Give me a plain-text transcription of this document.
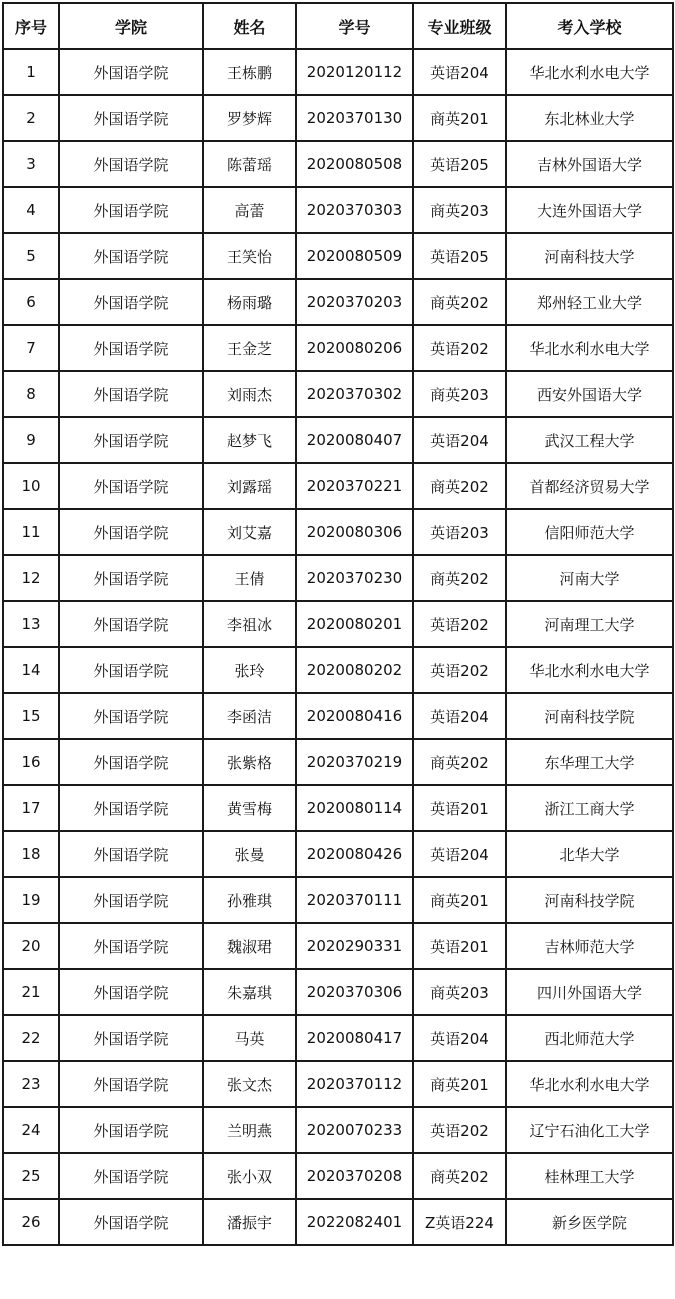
序号	学院	姓名	学号	专业班级	考入学校
1	外国语学院	王栋鹏	2020120112	英语204	华北水利水电大学
2	外国语学院	罗梦辉	2020370130	商英201	东北林业大学
3	外国语学院	陈蕾瑶	2020080508	英语205	吉林外国语大学
4	外国语学院	高蕾	2020370303	商英203	大连外国语大学
5	外国语学院	王笑怡	2020080509	英语205	河南科技大学
6	外国语学院	杨雨璐	2020370203	商英202	郑州轻工业大学
7	外国语学院	王金芝	2020080206	英语202	华北水利水电大学
8	外国语学院	刘雨杰	2020370302	商英203	西安外国语大学
9	外国语学院	赵梦飞	2020080407	英语204	武汉工程大学
10	外国语学院	刘露瑶	2020370221	商英202	首都经济贸易大学
11	外国语学院	刘艾嘉	2020080306	英语203	信阳师范大学
12	外国语学院	王倩	2020370230	商英202	河南大学
13	外国语学院	李祖冰	2020080201	英语202	河南理工大学
14	外国语学院	张玲	2020080202	英语202	华北水利水电大学
15	外国语学院	李函洁	2020080416	英语204	河南科技学院
16	外国语学院	张紫格	2020370219	商英202	东华理工大学
17	外国语学院	黄雪梅	2020080114	英语201	浙江工商大学
18	外国语学院	张曼	2020080426	英语204	北华大学
19	外国语学院	孙雅琪	2020370111	商英201	河南科技学院
20	外国语学院	魏淑珺	2020290331	英语201	吉林师范大学
21	外国语学院	朱嘉琪	2020370306	商英203	四川外国语大学
22	外国语学院	马英	2020080417	英语204	西北师范大学
23	外国语学院	张文杰	2020370112	商英201	华北水利水电大学
24	外国语学院	兰明燕	2020070233	英语202	辽宁石油化工大学
25	外国语学院	张小双	2020370208	商英202	桂林理工大学
26	外国语学院	潘振宇	2022082401	Z英语224	新乡医学院
